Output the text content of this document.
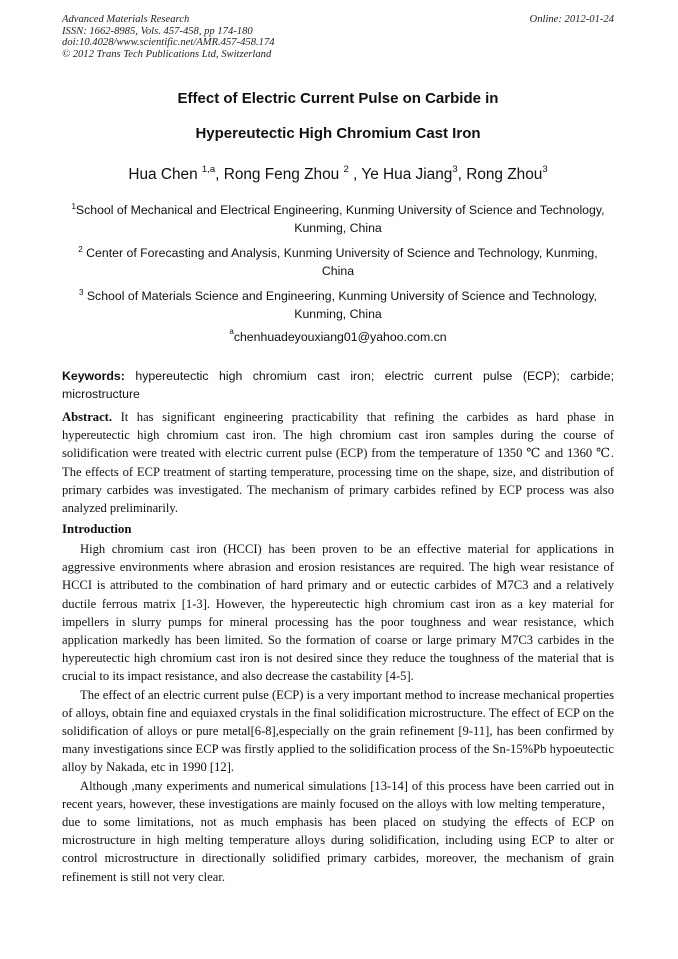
Advanced Materials Research
ISSN: 1662-8985, Vols. 457-458, pp 174-180
doi:10.4028/www.scientific.net/AMR.457-458.174
© 2012 Trans Tech Publications Ltd, Switzerland
Online: 2012-01-24
Effect of Electric Current Pulse on Carbide in
Hypereutectic High Chromium Cast Iron
Hua Chen $^{1,a}$, Rong Feng Zhou $^2$ , Ye Hua Jiang$^3$, Rong Zhou$^3$
$^1$School of Mechanical and Electrical Engineering, Kunming University of Science and Technology, Kunming, China
$^2$ Center of Forecasting and Analysis, Kunming University of Science and Technology, Kunming, China
$^3$ School of Materials Science and Engineering, Kunming University of Science and Technology, Kunming, China
$^a$chenhuadeyouxiang01@yahoo.com.cn
Keywords: hypereutectic high chromium cast iron; electric current pulse (ECP); carbide; microstructure
Abstract. It has significant engineering practicability that refining the carbides as hard phase in hypereutectic high chromium cast iron. The high chromium cast iron samples during the course of solidification were treated with electric current pulse (ECP) from the temperature of 1350 ℃ and 1360 ℃. The effects of ECP treatment of starting temperature, processing time on the shape, size, and distribution of primary carbides was investigated. The mechanism of primary carbides refined by ECP process was also analyzed preliminarily.
Introduction

High chromium cast iron (HCCI) has been proven to be an effective material for applications in aggressive environments where abrasion and erosion resistances are required. The high wear resistance of HCCI is attributed to the combination of hard primary and or eutectic carbides of M7C3 and a relatively ductile ferrous matrix [1-3]. However, the hypereutectic high chromium cast iron as a key material for impellers in slurry pumps for mineral processing has the poor toughness and wear resistance, which application markedly has been limited. So the formation of coarse or large primary M7C3 carbides in the hypereutectic high chromium cast iron is not desired since they reduce the toughness of the material that is crucial to its impact resistance, and also decrease the castability [4-5].

The effect of an electric current pulse (ECP) is a very important method to increase mechanical properties of alloys, obtain fine and equiaxed crystals in the final solidification microstructure. The effect of ECP on the solidification of alloys or pure metal[6-8],especially on the grain refinement [9-11], has been confirmed by many investigations since ECP was firstly applied to the solidification process of the Sn-15%Pb hypoeutectic alloy by Nakada, etc in 1990 [12].

Although ,many experiments and numerical simulations [13-14] of this process have been carried out in recent years, however, these investigations are mainly focused on the alloys with low melting temperature，due to some limitations, not as much emphasis has been placed on studying the effects of ECP on microstructure in high melting temperature alloys during solidification, including using ECP to alter or control microstructure in directionally solidified primary carbides, moreover, the mechanism of grain refinement is still not very clear.
